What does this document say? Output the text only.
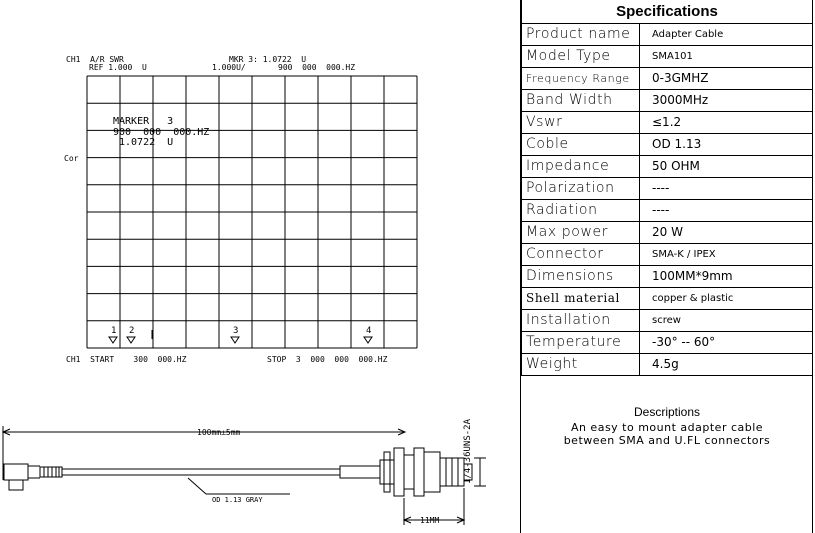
CH1  A/R SWR
REF 1.000  U
MKR 3: 1.0722  U
1.000U/	900  000  000.HZ
Cor
1 2	3	4
MARKER   3
900  000  000.HZ
1.0722  U
CH1  START    300  000.HZ	STOP  3  000  000  000.HZ
100mm±5mm
OD 1.13 GRAY
11MM
1/4-36UNS-2A
Specifications	
Product name	Adapter Cable
Model Type	SMA101
Frequency Range	0-3GMHZ
Band Width	3000MHz
Vswr	≤1.2
Coble	OD 1.13
Impedance	50 OHM
Polarization	----
Radiation	----
Max power	20 W
Connector	SMA-K / IPEX
Dimensions	100MM*9mm
Shell material	copper & plastic
Installation	screw
Temperature	-30° -- 60°
Weight	4.5g
Descriptions
An easy to mount adapter cable
between SMA and U.FL connectors
